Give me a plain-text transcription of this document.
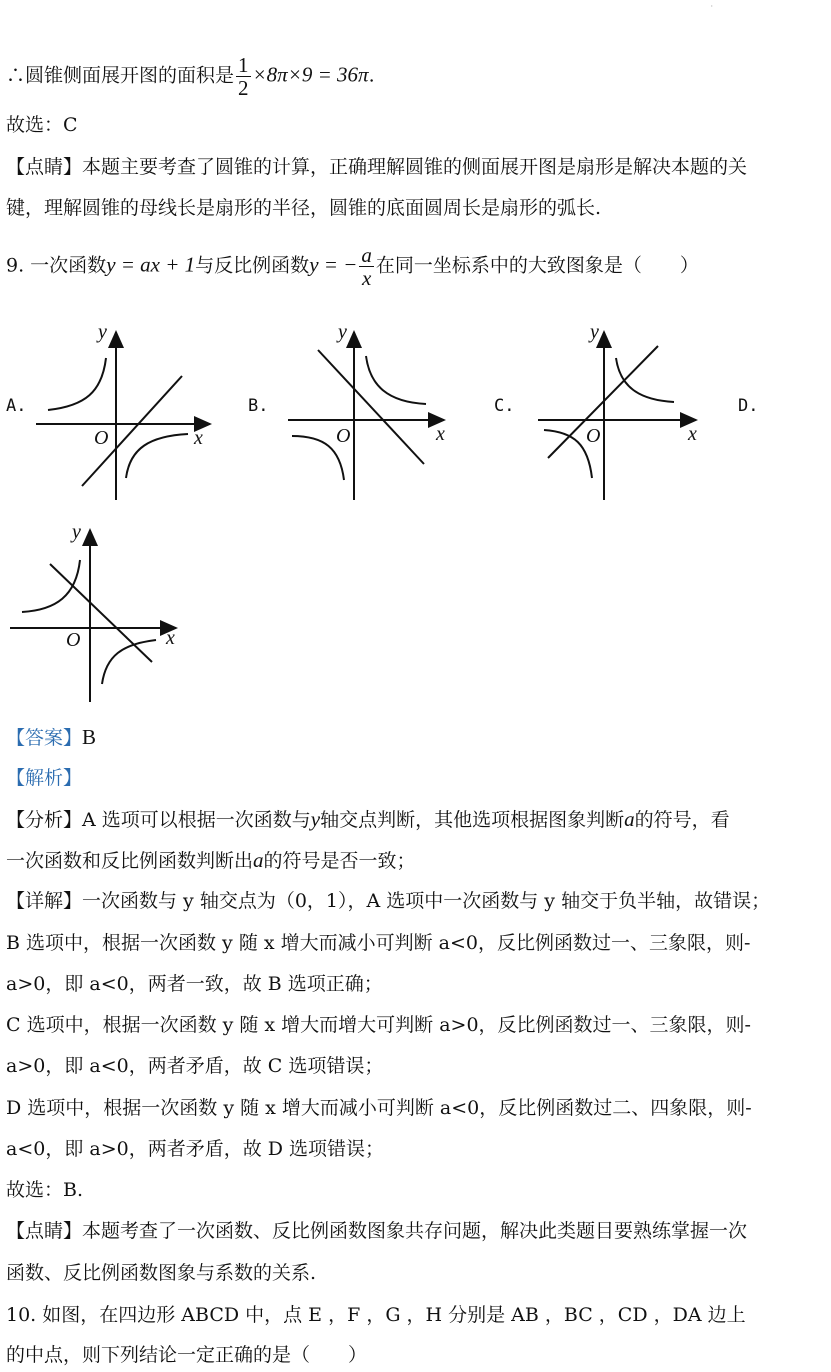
·
∴圆锥侧面展开图的面积是 $\frac{1}{2} \times 8\pi\times 9 = 36\pi$.
故选：C
【点睛】本题主要考查了圆锥的计算，正确理解圆锥的侧面展开图是扇形是解决本题的关
键，理解圆锥的母线长是扇形的半径，圆锥的底面圆周长是扇形的弧长.
9. 一次函数y = ax + 1与反比例函数y = − $\frac{a}{x}$ 在同一坐标系中的大致图象是（　　）
A.	B.	C.	D.
y
x
O
y
x
O
y
x
O
y
x
O
【答案】B
【解析】
【分析】A 选项可以根据一次函数与y轴交点判断，其他选项根据图象判断a的符号，看
一次函数和反比例函数判断出a的符号是否一致；
【详解】一次函数与 y 轴交点为（0，1），A 选项中一次函数与 y 轴交于负半轴，故错误；
B 选项中，根据一次函数 y 随 x 增大而减小可判断 a<0，反比例函数过一、三象限，则-
a>0，即 a<0，两者一致，故 B 选项正确；
C 选项中，根据一次函数 y 随 x 增大而增大可判断 a>0，反比例函数过一、三象限，则-
a>0，即 a<0，两者矛盾，故 C 选项错误；
D 选项中，根据一次函数 y 随 x 增大而减小可判断 a<0，反比例函数过二、四象限，则-
a<0，即 a>0，两者矛盾，故 D 选项错误；
故选：B.
【点睛】本题考查了一次函数、反比例函数图象共存问题，解决此类题目要熟练掌握一次
函数、反比例函数图象与系数的关系.
10. 如图，在四边形 ABCD 中，点 E ，F ，G ，H 分别是 AB ，BC ，CD ，DA 边上
的中点，则下列结论一定正确的是（　　）
